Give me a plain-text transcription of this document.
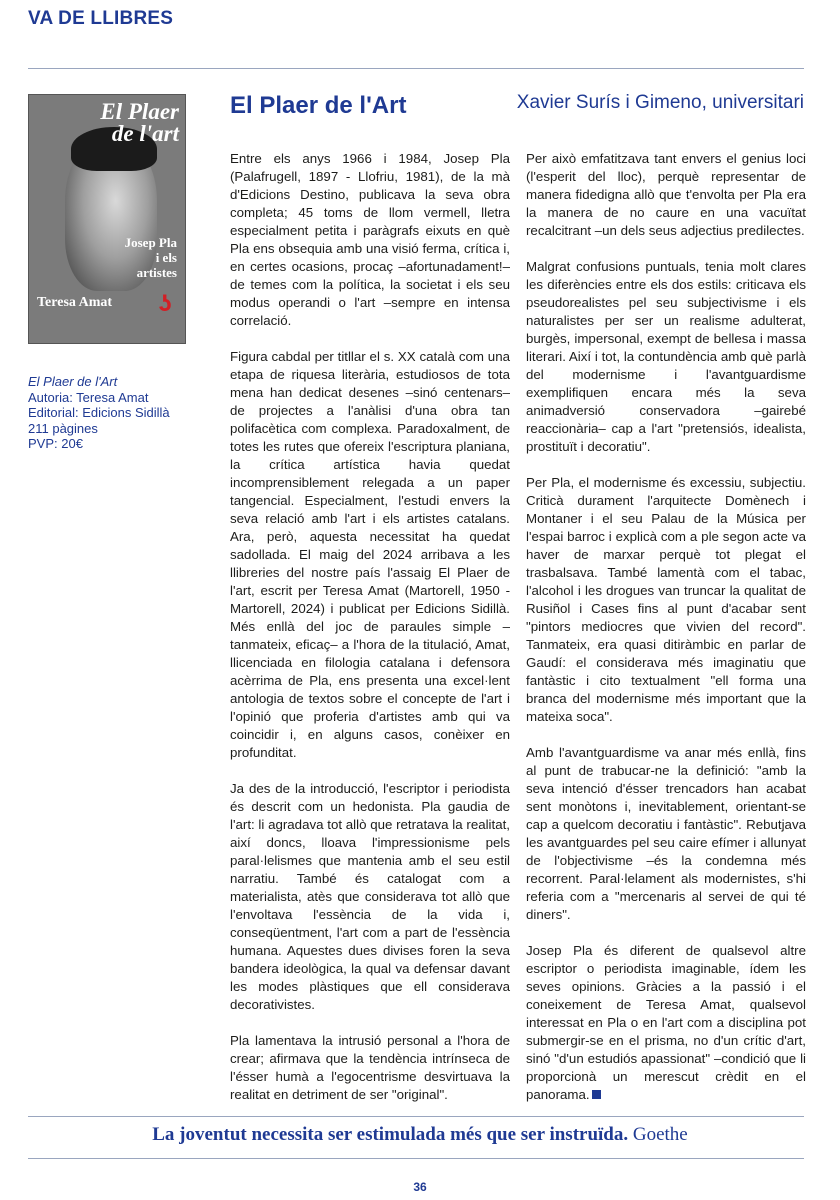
VA DE LLIBRES
El Plaer
de l'art
Josep Pla
i els
artistes
Teresa Amat ʖ
El Plaer de l'Art
Autoria: Teresa Amat
Editorial: Edicions Sidillà
211 pàgines
PVP: 20€
El Plaer de l'Art	Xavier Surís i Gimeno, universitari

Entre els anys 1966 i 1984, Josep Pla (Palafrugell, 1897 - Llofriu, 1981), de la mà d'Edicions Destino, publicava la seva obra completa; 45 toms de llom vermell, lletra especialment petita i paràgrafs eixuts en què Pla ens obsequia amb una visió ferma, crítica i, en certes ocasions, procaç –afortunadament!– de temes com la política, la societat i els seu modus operandi o l'art –sempre en intensa correlació.

Figura cabdal per titllar el s. XX català com una etapa de riquesa literària, estudiosos de tota mena han dedicat desenes –sinó centenars– de projectes a l'anàlisi d'una obra tan polifacètica com complexa. Paradoxalment, de totes les rutes que ofereix l'escriptura planiana, la crítica artística havia quedat incomprensiblement relegada a un paper tangencial. Especialment, l'estudi envers la seva relació amb l'art i els artistes catalans. Ara, però, aquesta necessitat ha quedat sadollada. El maig del 2024 arribava a les llibreries del nostre país l'assaig El Plaer de l'art, escrit per Teresa Amat (Martorell, 1950 - Martorell, 2024) i publicat per Edicions Sidillà. Més enllà del joc de paraules simple –tanmateix, eficaç– a l'hora de la titulació, Amat, llicenciada en filologia catalana i defensora acèrrima de Pla, ens presenta una excel·lent antologia de textos sobre el concepte de l'art i l'opinió que proferia d'artistes amb qui va coincidir i, en alguns casos, conèixer en profunditat.

Ja des de la introducció, l'escriptor i periodista és descrit com un hedonista. Pla gaudia de l'art: li agradava tot allò que retratava la realitat, així doncs, lloava l'impressionisme pels paral·lelismes que mantenia amb el seu estil narratiu. També és catalogat com a materialista, atès que considerava tot allò que l'envoltava l'essència de la vida i, conseqüentment, l'art com a part de l'essència humana. Aquestes dues divises foren la seva bandera ideològica, la qual va defensar davant les modes plàstiques que ell considerava decorativistes.

Pla lamentava la intrusió personal a l'hora de crear; afirmava que la tendència intrínseca de l'ésser humà a l'egocentrisme desvirtuava la realitat en detriment de ser "original".

Per això emfatitzava tant envers el genius loci (l'esperit del lloc), perquè representar de manera fidedigna allò que t'envolta per Pla era la manera de no caure en una vacuïtat recalcitrant –un dels seus adjectius predilectes.

Malgrat confusions puntuals, tenia molt clares les diferències entre els dos estils: criticava els pseudorealistes pel seu subjectivisme i els naturalistes per ser un realisme adulterat, burgès, impersonal, exempt de bellesa i massa literari. Així i tot, la contundència amb què parlà del modernisme i l'avantguardisme exemplifiquen encara més la seva animadversió conservadora –gairebé reaccionària– cap a l'art "pretensiós, idealista, prostituït i decoratiu".

Per Pla, el modernisme és excessiu, subjectiu. Criticà durament l'arquitecte Domènech i Montaner i el seu Palau de la Música per l'espai barroc i explicà com a ple segon acte va haver de marxar perquè tot plegat el trasbalsava. També lamentà com el tabac, l'alcohol i les drogues van truncar la qualitat de Rusiñol i Cases fins al punt d'acabar sent "pintors mediocres que vivien del record". Tanmateix, era quasi ditiràmbic en parlar de Gaudí: el considerava més imaginatiu que fantàstic i cito textualment "ell forma una branca del modernisme més important que la mateixa soca".

Amb l'avantguardisme va anar més enllà, fins al punt de trabucar-ne la definició: "amb la seva intenció d'ésser trencadors han acabat sent monòtons i, inevitablement, orientant-se cap a quelcom decoratiu i fantàstic". Rebutjava les avantguardes pel seu caire efímer i allunyat de l'objectivisme –és la condemna més recorrent. Paral·lelament als modernistes, s'hi referia com a "mercenaris al servei de qui té diners".

Josep Pla és diferent de qualsevol altre escriptor o periodista imaginable, ídem les seves opinions. Gràcies a la passió i el coneixement de Teresa Amat, qualsevol interessat en Pla o en l'art com a disciplina pot submergir-se en el prisma, no d'un crític d'art, sinó "d'un estudiós apassionat" –condició que li proporcionà un merescut crèdit en el panorama.

La joventut necessita ser estimulada més que ser instruïda. Goethe
36
